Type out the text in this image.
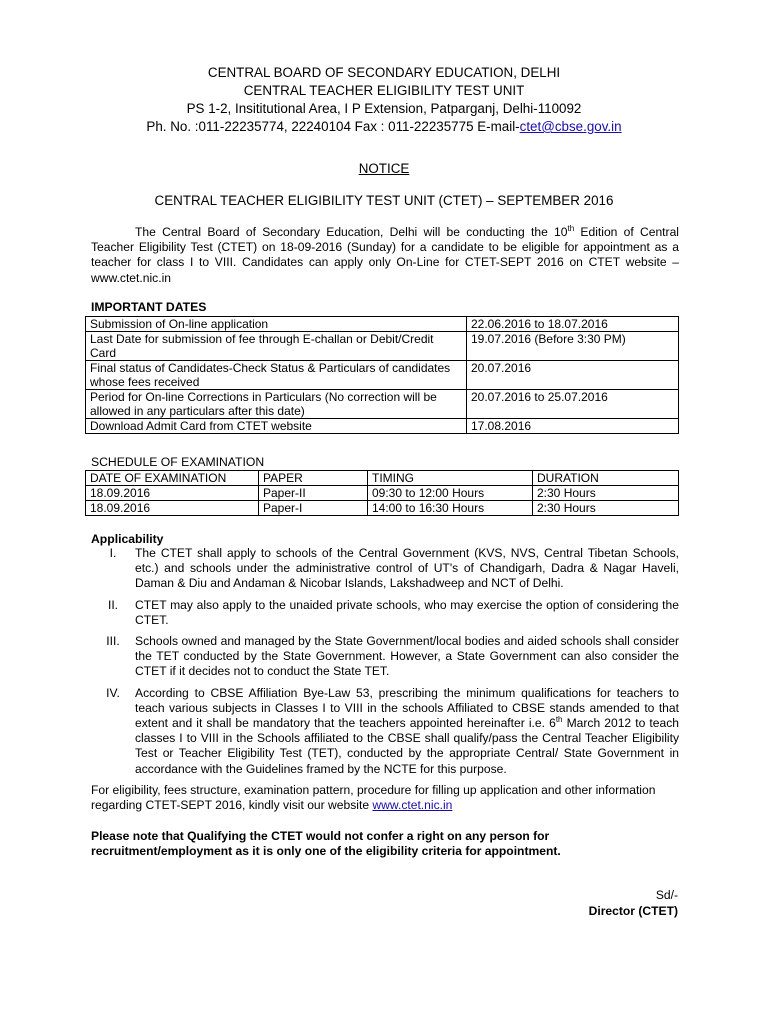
CENTRAL BOARD OF SECONDARY EDUCATION, DELHI
CENTRAL TEACHER ELIGIBILITY TEST UNIT
PS 1-2, Insititutional Area, I P Extension, Patparganj, Delhi-110092
Ph. No. :011-22235774, 22240104 Fax : 011-22235775 E-mail-ctet@cbse.gov.in
NOTICE
CENTRAL TEACHER ELIGIBILITY TEST UNIT (CTET) – SEPTEMBER 2016

The Central Board of Secondary Education, Delhi will be conducting the 10th Edition of Central Teacher Eligibility Test (CTET) on 18-09-2016 (Sunday) for a candidate to be eligible for appointment as a teacher for class I to VIII. Candidates can apply only On-Line for CTET-SEPT 2016 on CTET website – www.ctet.nic.in

IMPORTANT DATES
Submission of On-line application	22.06.2016 to 18.07.2016
Last Date for submission of fee through E-challan or Debit/Credit Card	19.07.2016 (Before 3:30 PM)
Final status of Candidates-Check Status & Particulars of candidates whose fees received	20.07.2016
Period for On-line Corrections in Particulars (No correction will be allowed in any particulars after this date)	20.07.2016 to 25.07.2016
Download Admit Card from CTET website	17.08.2016
SCHEDULE OF EXAMINATION
DATE OF EXAMINATION	PAPER	TIMING	DURATION
18.09.2016	Paper-II	09:30 to 12:00 Hours	2:30 Hours
18.09.2016	Paper-I	14:00 to 16:30 Hours	2:30 Hours
Applicability
I.	The CTET shall apply to schools of the Central Government (KVS, NVS, Central Tibetan Schools, etc.) and schools under the administrative control of UT's of Chandigarh, Dadra & Nagar Haveli, Daman & Diu and Andaman & Nicobar Islands, Lakshadweep and NCT of Delhi.
II.	CTET may also apply to the unaided private schools, who may exercise the option of considering the CTET.
III.	Schools owned and managed by the State Government/local bodies and aided schools shall consider the TET conducted by the State Government. However, a State Government can also consider the CTET if it decides not to conduct the State TET.
IV.	According to CBSE Affiliation Bye-Law 53, prescribing the minimum qualifications for teachers to teach various subjects in Classes I to VIII in the schools Affiliated to CBSE stands amended to that extent and it shall be mandatory that the teachers appointed hereinafter i.e. 6th March 2012 to teach classes I to VIII in the Schools affiliated to the CBSE shall qualify/pass the Central Teacher Eligibility Test or Teacher Eligibility Test (TET), conducted by the appropriate Central/ State Government in accordance with the Guidelines framed by the NCTE for this purpose.

For eligibility, fees structure, examination pattern, procedure for filling up application and other information regarding CTET-SEPT 2016, kindly visit our website www.ctet.nic.in

Please note that Qualifying the CTET would not confer a right on any person for recruitment/employment as it is only one of the eligibility criteria for appointment.

Sd/-
Director (CTET)
